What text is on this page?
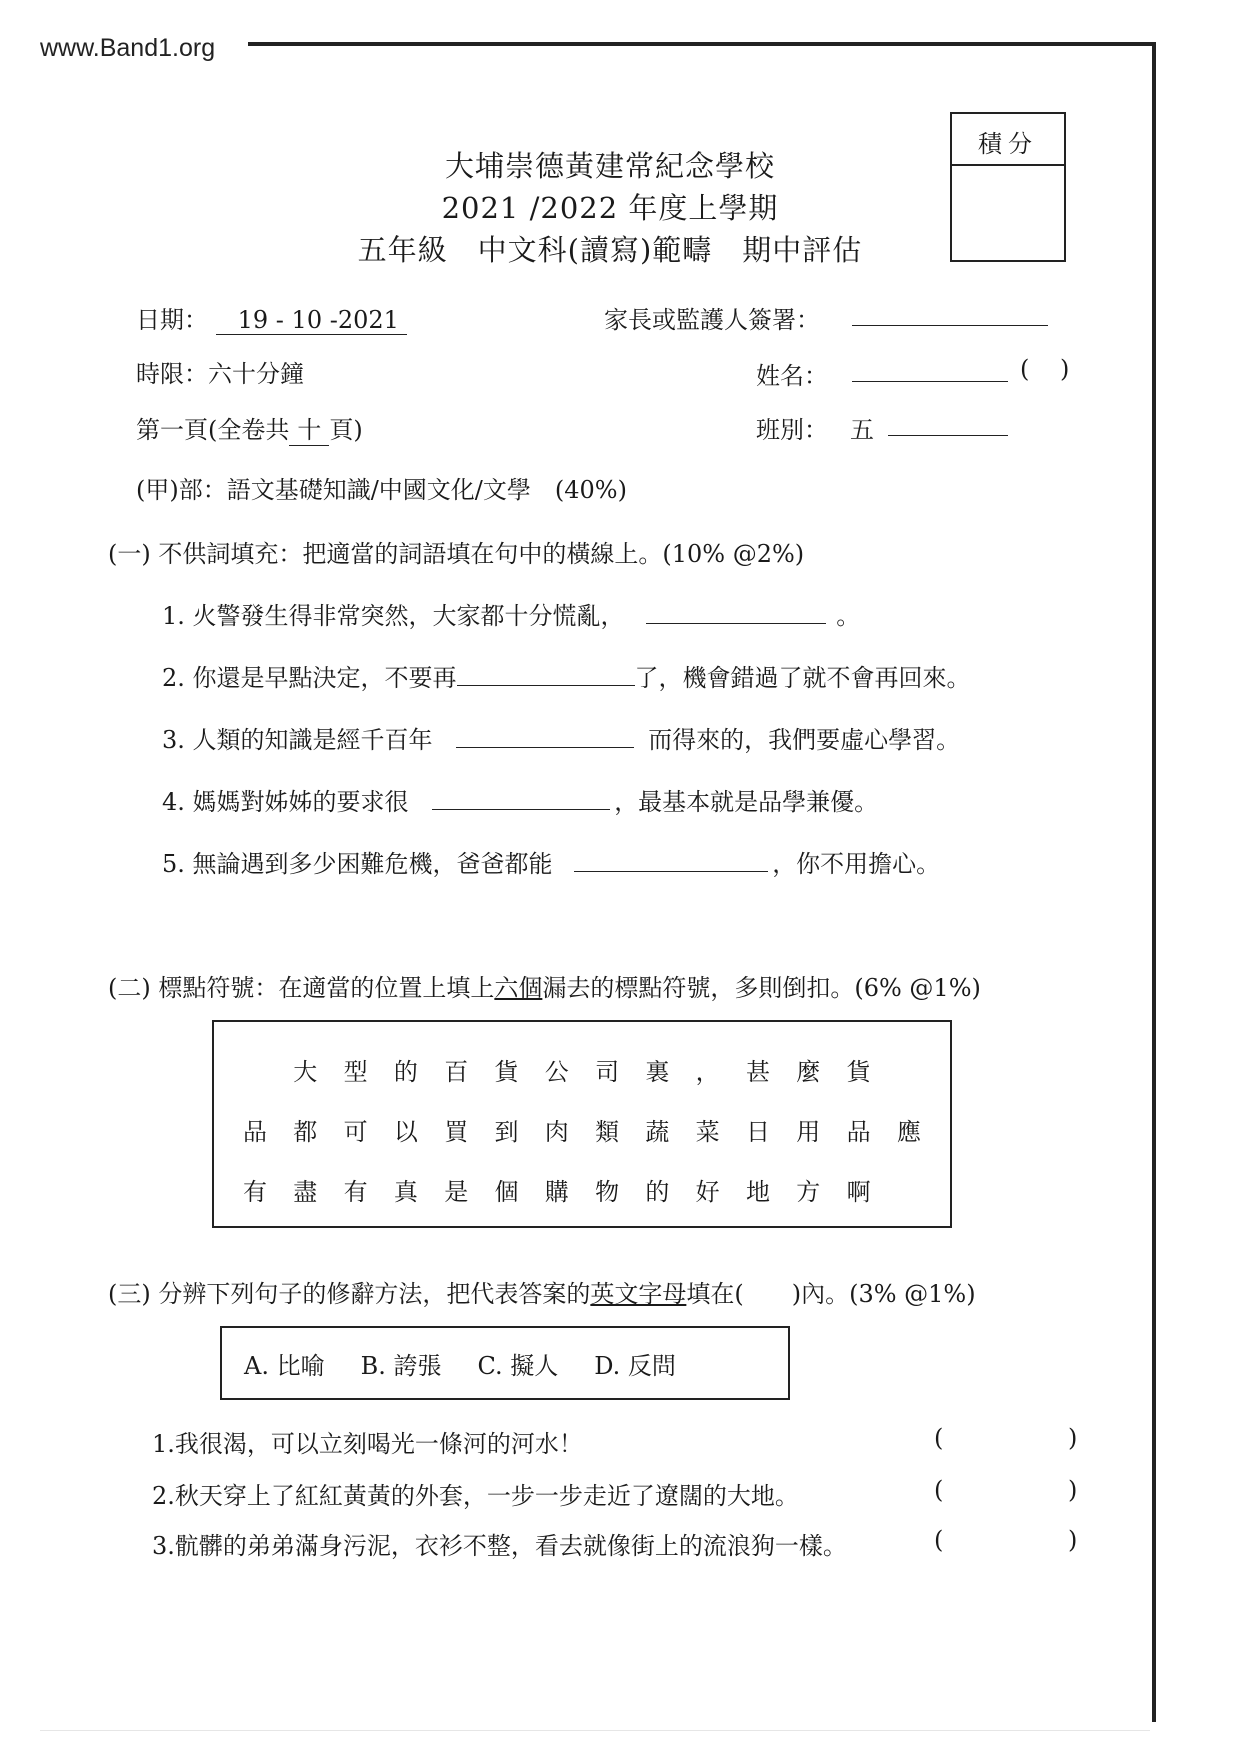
www.Band1.org
大埔崇德黃建常紀念學校
2021 /2022 年度上學期
五年級　中文科(讀寫)範疇　期中評估
積分
日期： 19 - 10 -2021	家長或監護人簽署：
時限：六十分鐘	姓名：	( )
第一頁(全卷共 十 頁)	班別： 五
(甲)部：語文基礎知識/中國文化/文學　(40%)
(一) 不供詞填充：把適當的詞語填在句中的橫線上。(10% @2%)
1. 火警發生得非常突然，大家都十分慌亂，	。
2. 你還是早點決定，不要再	了，機會錯過了就不會再回來。
3. 人類的知識是經千百年	而得來的，我們要虛心學習。
4. 媽媽對姊姊的要求很	，最基本就是品學兼優。
5. 無論遇到多少困難危機，爸爸都能	，你不用擔心。
(二) 標點符號：在適當的位置上填上六個漏去的標點符號，多則倒扣。(6% @1%)
大	型	的	百	貨	公	司	裏	，	甚	麼	貨
品	都	可	以	買	到	肉	類	蔬	菜	日	用	品	應
有	盡	有	真	是	個	購	物	的	好	地	方	啊
(三) 分辨下列句子的修辭方法，把代表答案的英文字母填在(　　)內。(3% @1%)
A. 比喻 B. 誇張 C. 擬人 D. 反問
1.我很渴，可以立刻喝光一條河的河水！	(	)
2.秋天穿上了紅紅黃黃的外套，一步一步走近了遼闊的大地。	(	)
3.骯髒的弟弟滿身污泥，衣衫不整，看去就像街上的流浪狗一樣。	(	)
